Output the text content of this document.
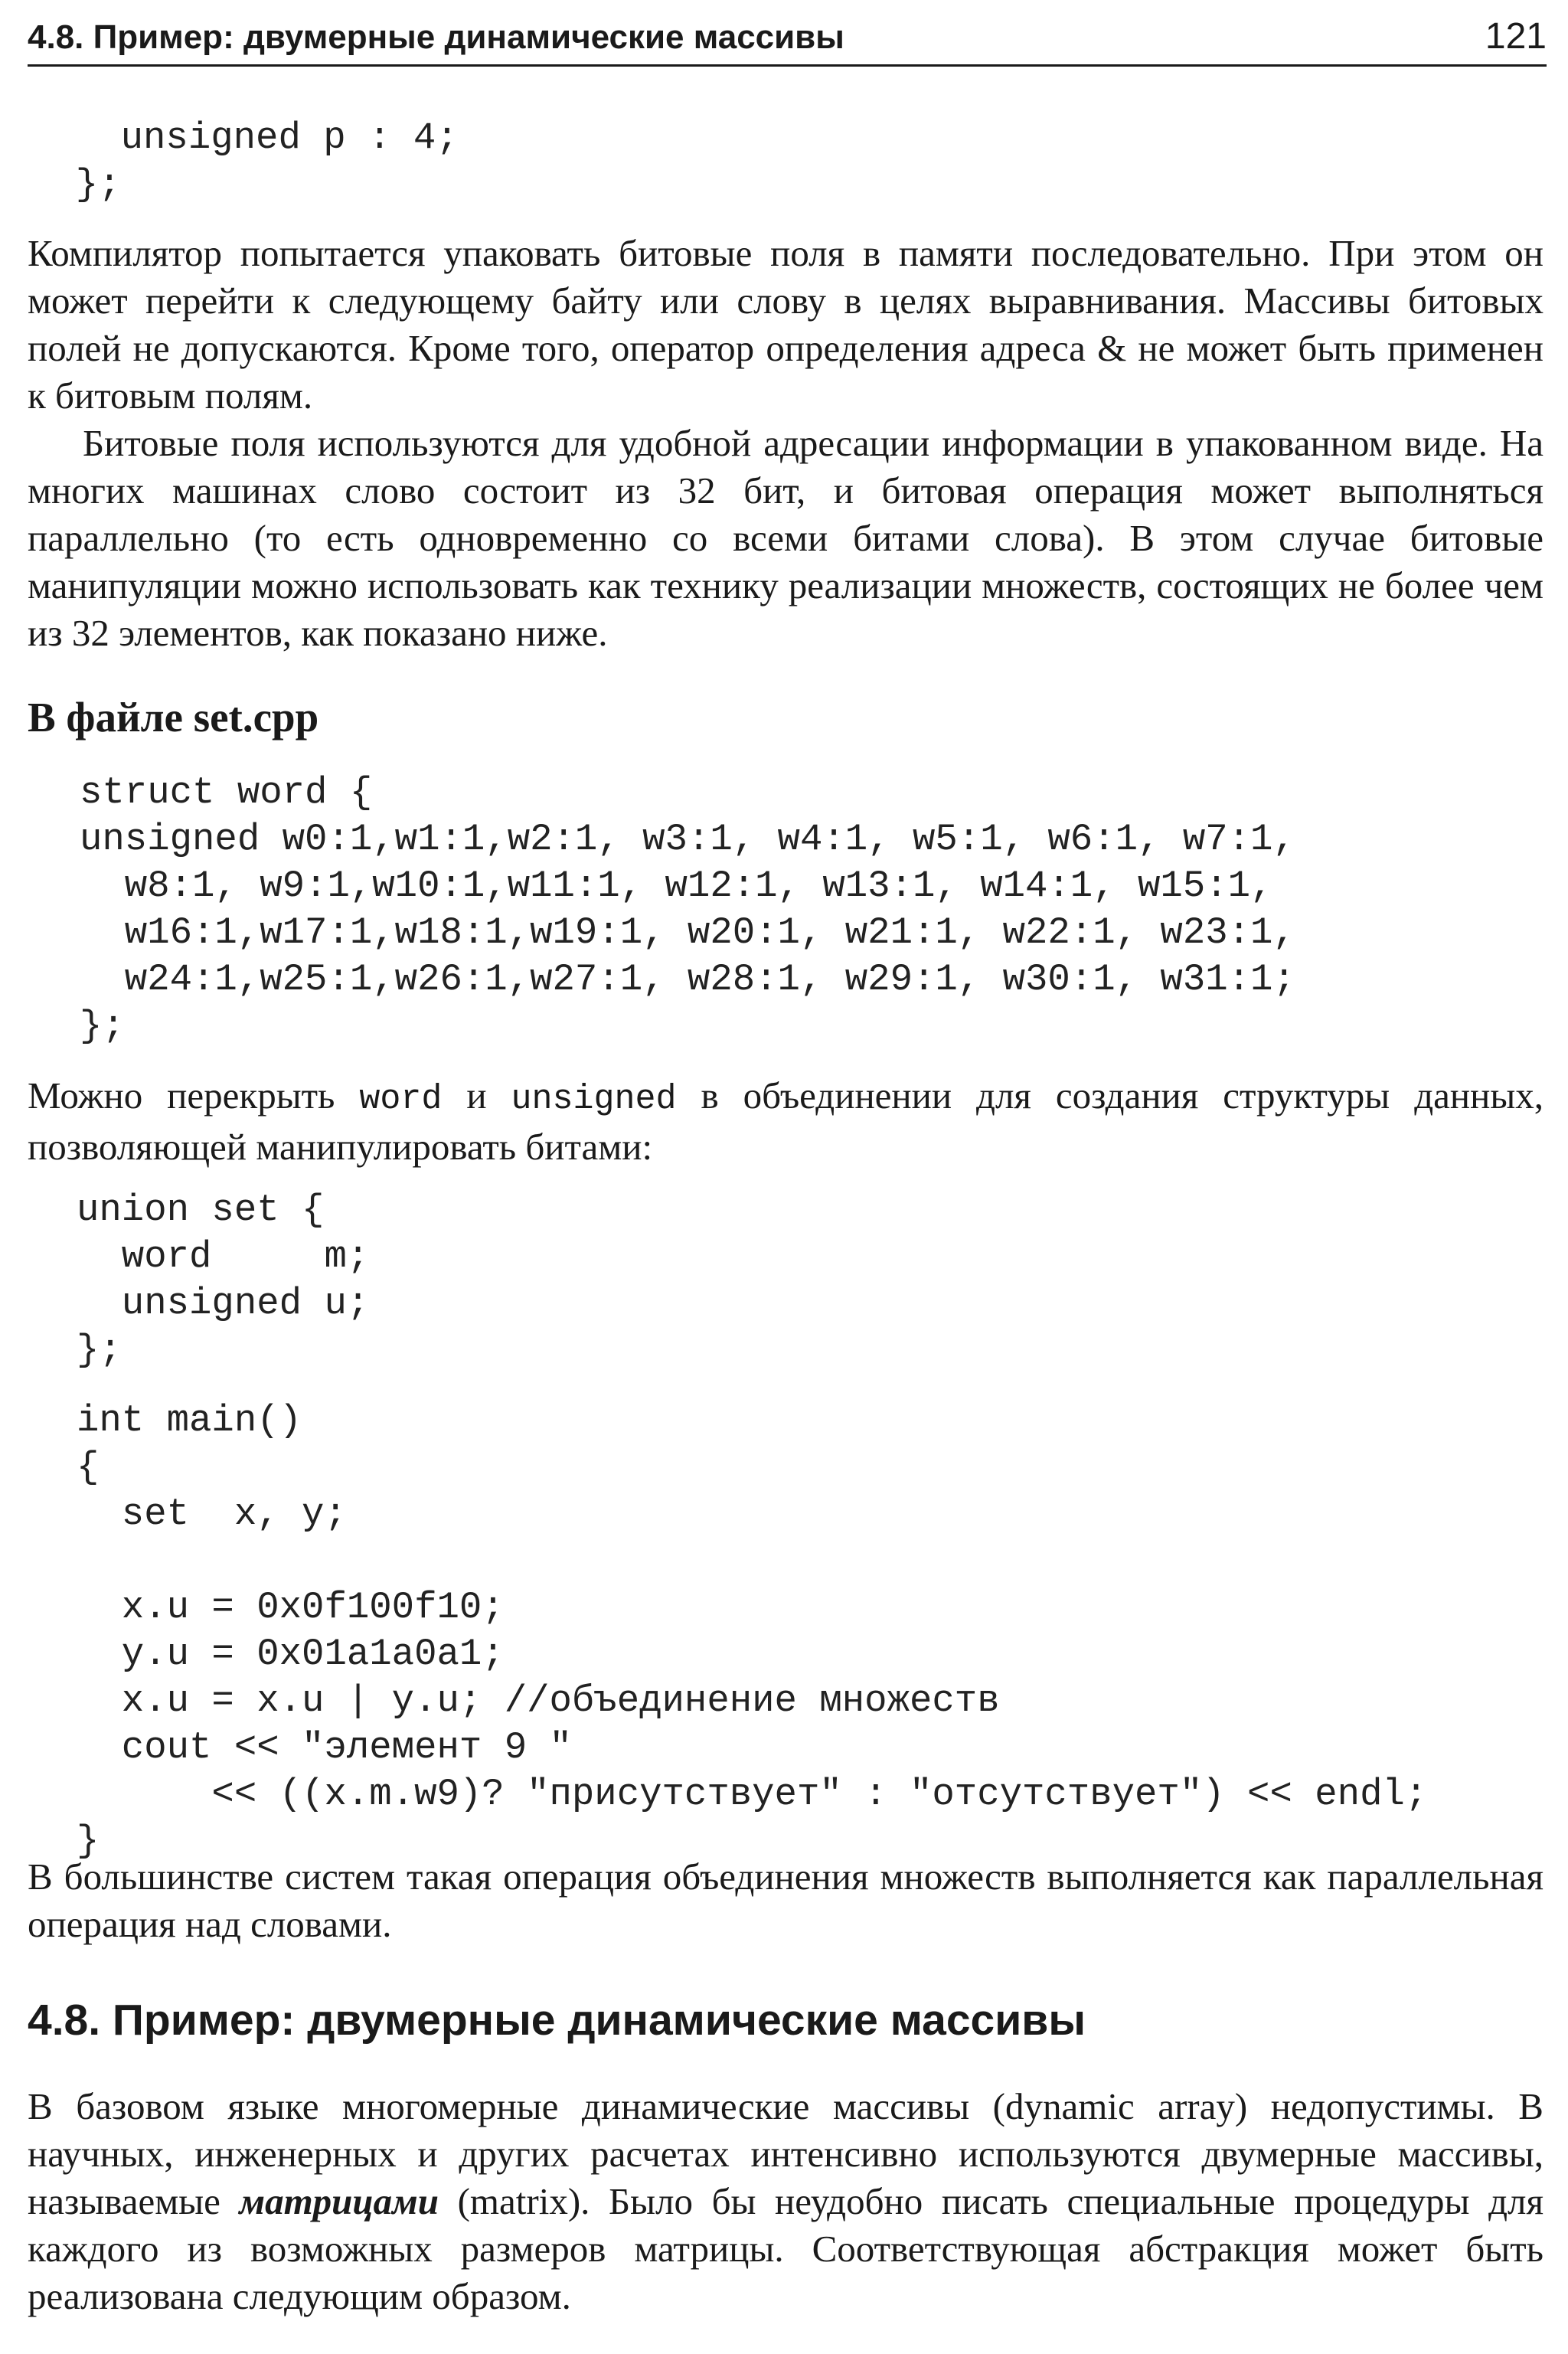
4.8. Пример: двумерные динамические массивы	121
unsigned p : 4;
};

Компилятор попытается упаковать битовые поля в памяти последовательно. При этом он может перейти к следующему байту или слову в целях выравнивания. Массивы битовых полей не допускаются. Кроме того, оператор определения адреса & не может быть применен к битовым полям.

Битовые поля используются для удобной адресации информации в упакованном виде. На многих машинах слово состоит из 32 бит, и битовая операция может выполняться параллельно (то есть одновременно со всеми битами слова). В этом случае битовые манипуляции можно использовать как технику реализации множеств, состоящих не более чем из 32 элементов, как показано ниже.

В файле set.cpp
struct word {
unsigned w0:1,w1:1,w2:1, w3:1, w4:1, w5:1, w6:1, w7:1,
w8:1, w9:1,w10:1,w11:1, w12:1, w13:1, w14:1, w15:1,
w16:1,w17:1,w18:1,w19:1, w20:1, w21:1, w22:1, w23:1,
w24:1,w25:1,w26:1,w27:1, w28:1, w29:1, w30:1, w31:1;
};

Можно перекрыть word и unsigned в объединении для создания структуры данных, позволяющей манипулировать битами:

union set {
word     m;
unsigned u;
};
int main()
{
set  x, y;

x.u = 0x0f100f10;
y.u = 0x01a1a0a1;
x.u = x.u | y.u; //объединение множеств
cout << "элемент 9 "
<< ((x.m.w9)? "присутствует" : "отсутствует") << endl;
}

В большинстве систем такая операция объединения множеств выполняется как параллельная операция над словами.

4.8. Пример: двумерные динамические массивы

В базовом языке многомерные динамические массивы (dynamic array) недопустимы. В научных, инженерных и других расчетах интенсивно используются двумерные массивы, называемые матрицами (matrix). Было бы неудобно писать специальные процедуры для каждого из возможных размеров матрицы. Соответствующая абстракция может быть реализована следующим образом.
